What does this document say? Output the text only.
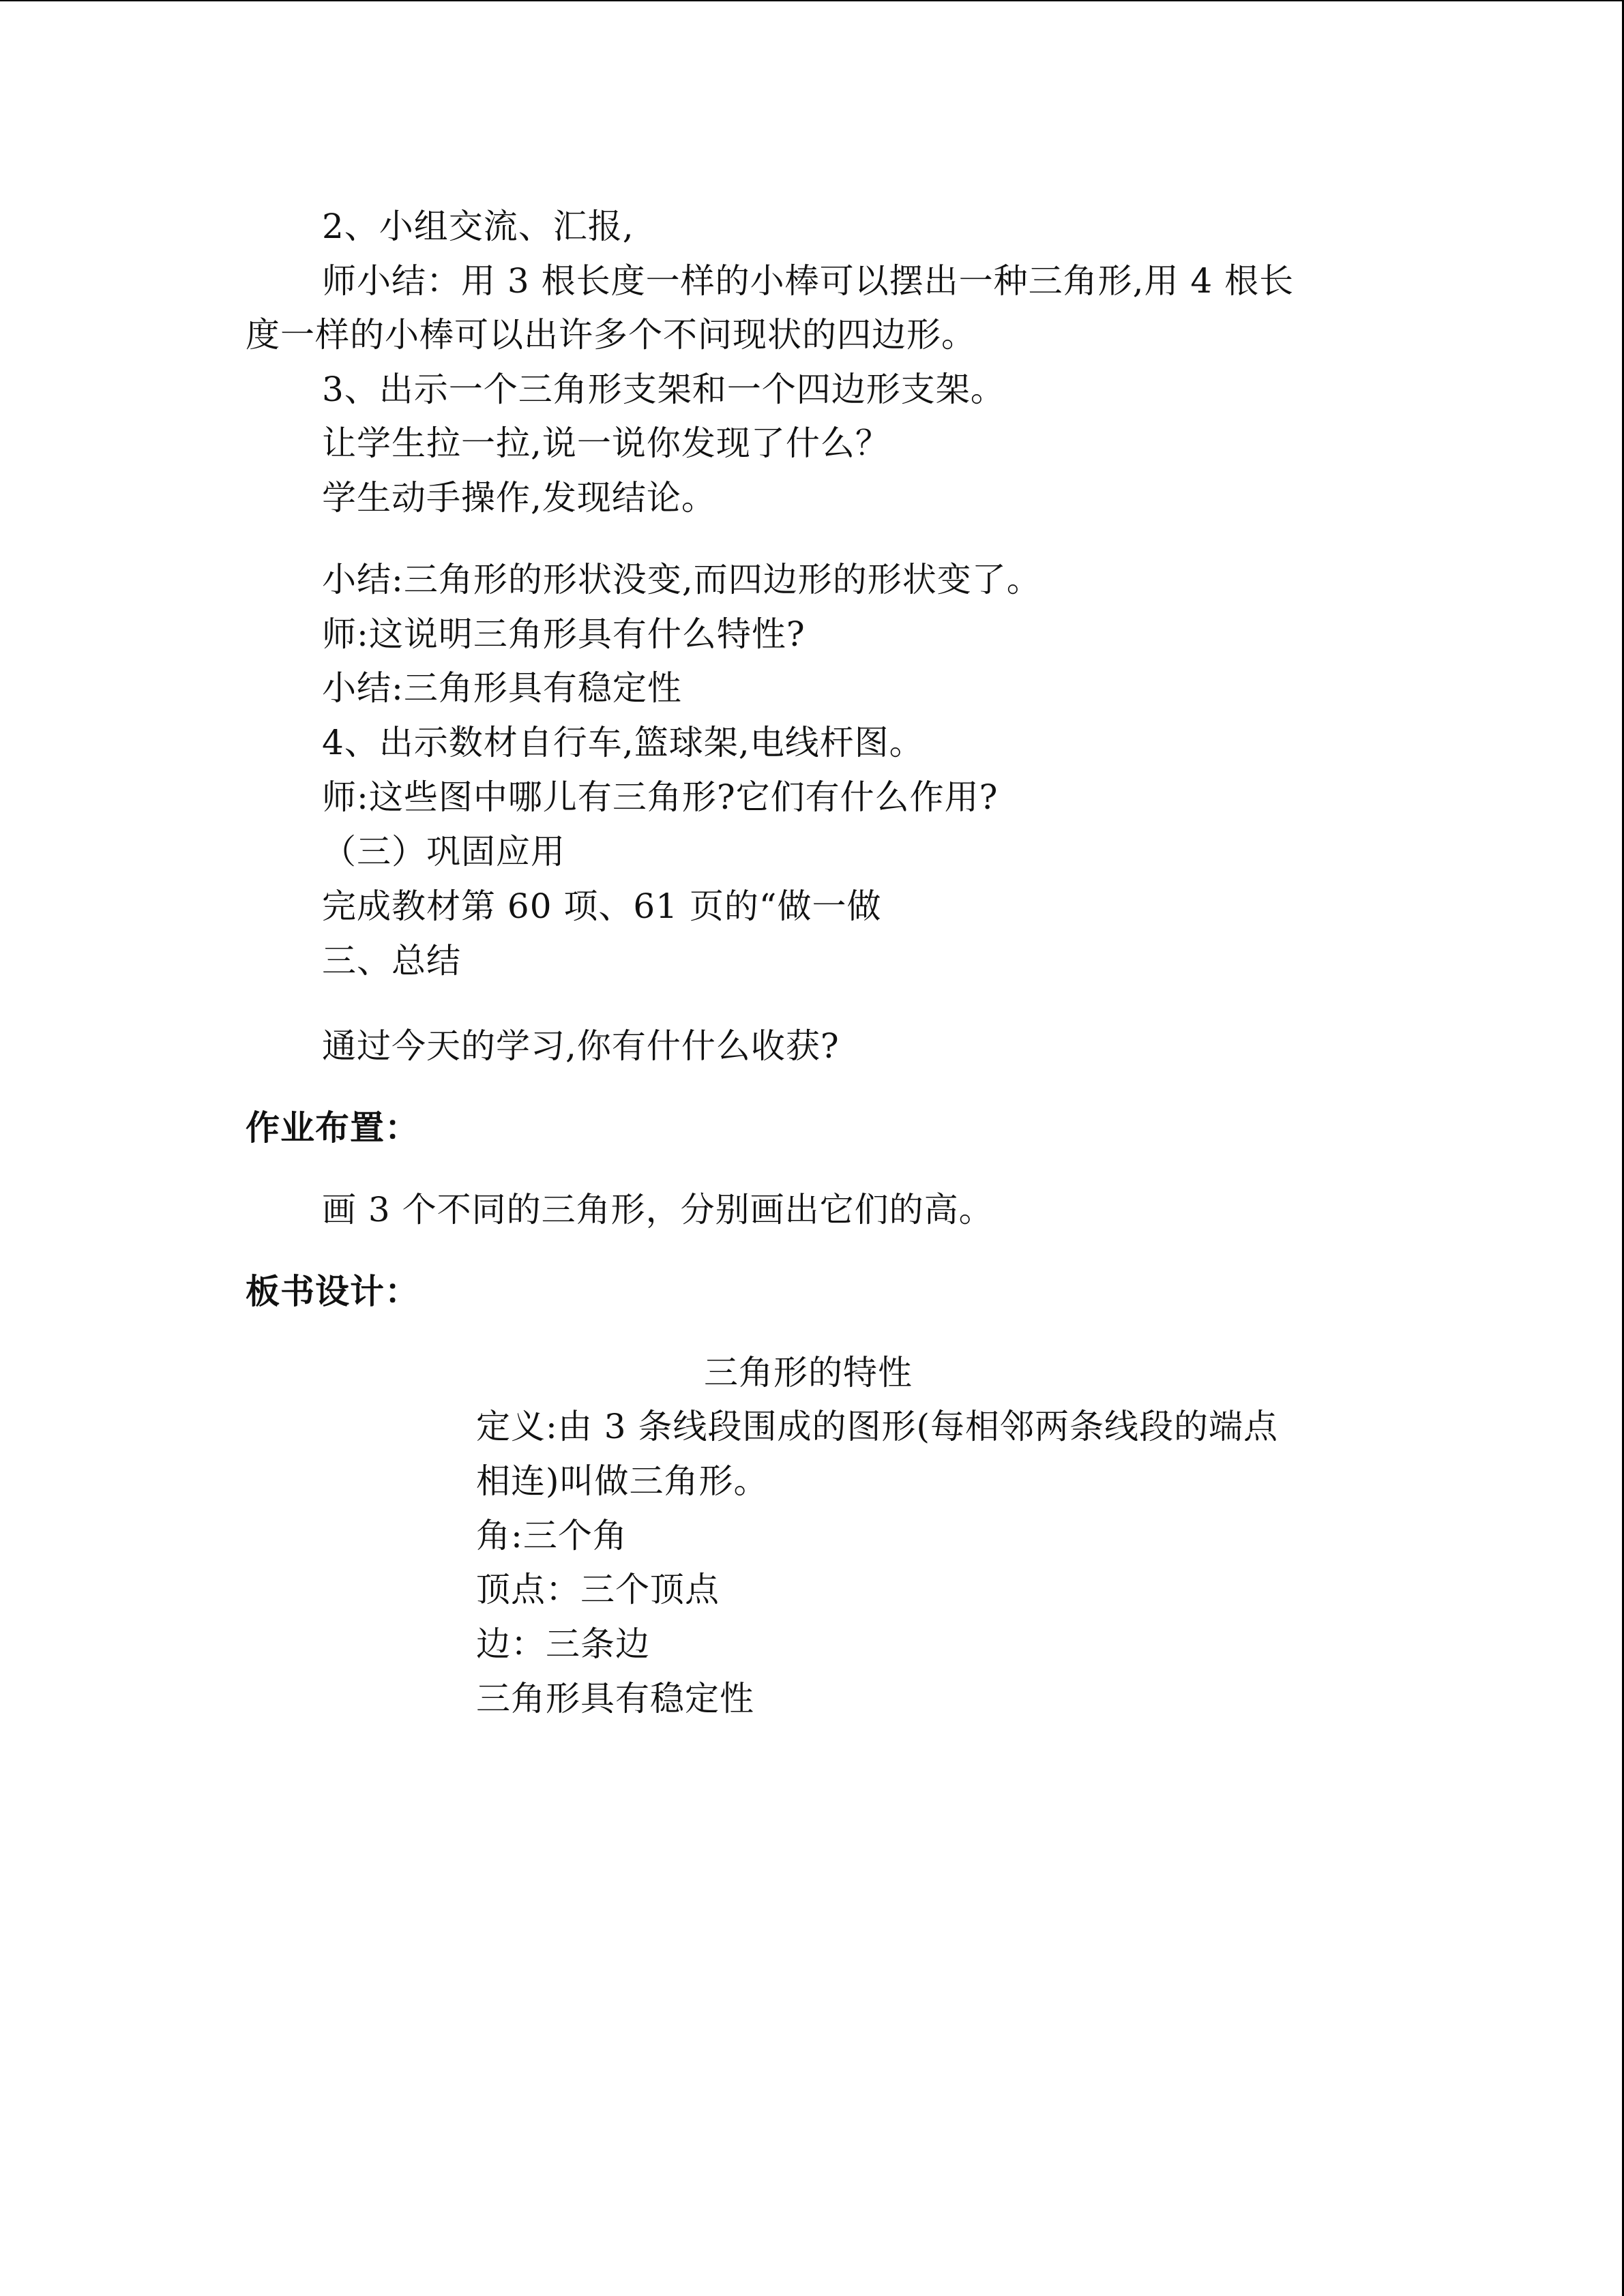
2、小组交流、汇报,
师小结：用 3 根长度一样的小棒可以摆出一种三角形,用 4 根长
度一样的小棒可以出许多个不问现状的四边形。
3、出示一个三角形支架和一个四边形支架。
让学生拉一拉,说一说你发现了什么？
学生动手操作,发现结论。
小结:三角形的形状没变,而四边形的形状变了。
师:这说明三角形具有什么特性?
小结:三角形具有稳定性
4、出示数材自行车,篮球架,电线杆图。
师:这些图中哪儿有三角形?它们有什么作用?
（三）巩固应用
完成教材第 60 项、61 页的“做一做
三、总结
通过今天的学习,你有什什么收获?
作业布置：
画 3 个不同的三角形，分别画出它们的高。
板书设计：
三角形的特性
定义:由 3 条线段围成的图形(每相邻两条线段的端点
相连)叫做三角形。
角:三个角
顶点：三个顶点
边：三条边
三角形具有稳定性
